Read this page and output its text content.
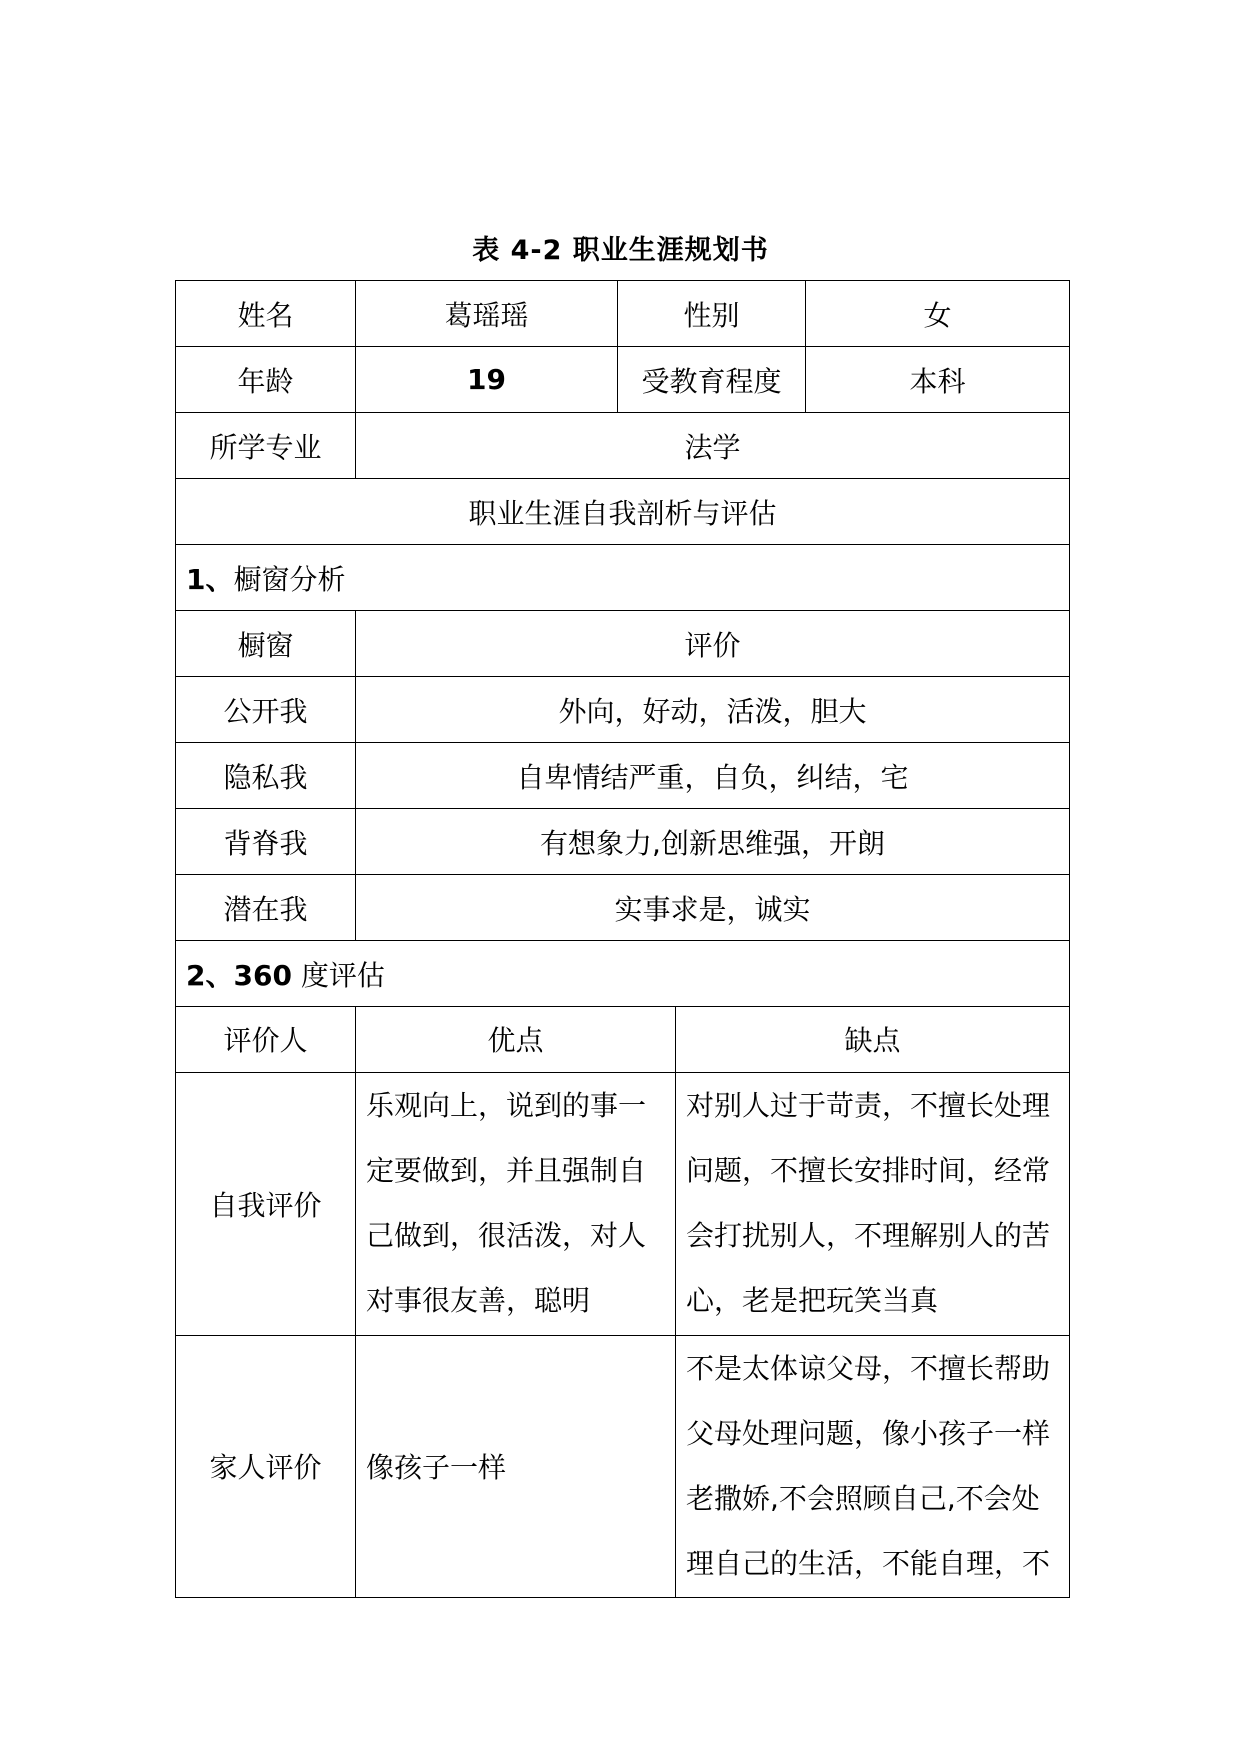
表 4-2 职业生涯规划书
姓名	葛瑶瑶	性别	女
年龄	19	受教育程度	本科
所学专业	法学		
职业生涯自我剖析与评估			
1、橱窗分析			
橱窗	评价		
公开我	外向，好动，活泼，胆大		
隐私我	自卑情结严重，自负，纠结，宅		
背脊我	有想象力,创新思维强，开朗		
潜在我	实事求是，诚实		
2、360 度评估			
评价人	优点	缺点
自我评价	乐观向上，说到的事一定要做到，并且强制自己做到，很活泼，对人对事很友善，聪明	对别人过于苛责，不擅长处理问题，不擅长安排时间，经常会打扰别人，不理解别人的苦心，老是把玩笑当真
家人评价	像孩子一样	不是太体谅父母，不擅长帮助父母处理问题，像小孩子一样老撒娇,不会照顾自己,不会处理自己的生活，不能自理，不
